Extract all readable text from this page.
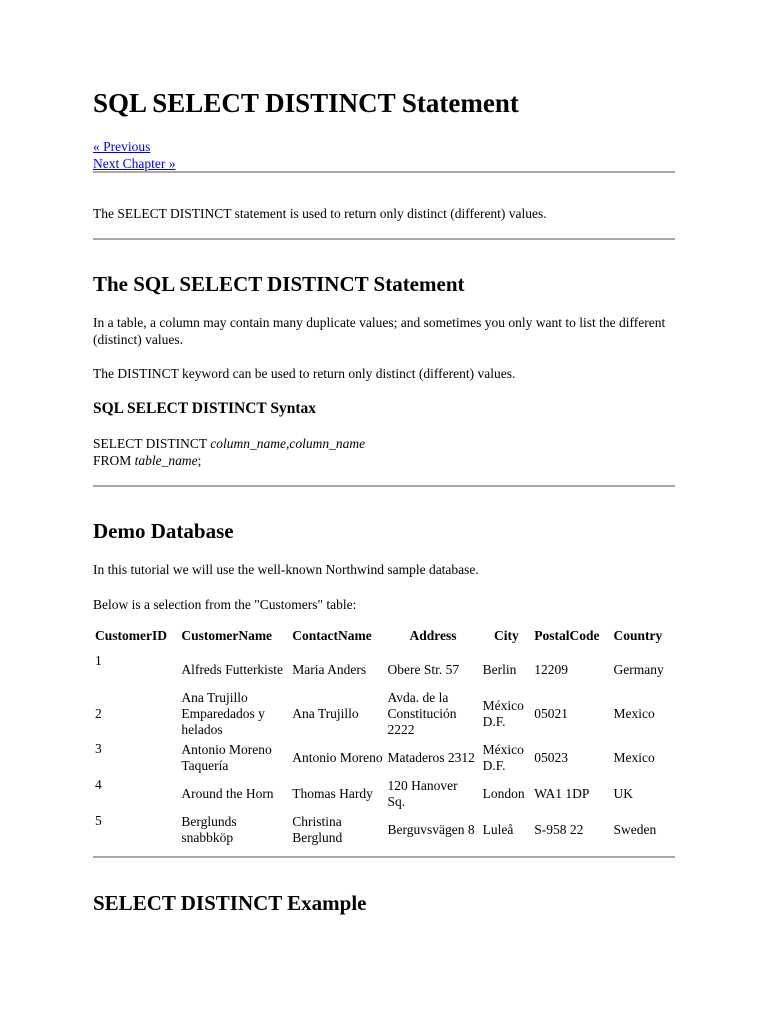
SQL SELECT DISTINCT Statement

« Previous

Next Chapter »

The SELECT DISTINCT statement is used to return only distinct (different) values.

The SQL SELECT DISTINCT Statement

In a table, a column may contain many duplicate values; and sometimes you only want to list the different (distinct) values.

The DISTINCT keyword can be used to return only distinct (different) values.

SQL SELECT DISTINCT Syntax

SELECT DISTINCT column_name,column_name

FROM table_name;

Demo Database

In this tutorial we will use the well-known Northwind sample database.

Below is a selection from the "Customers" table:

CustomerID	CustomerName	ContactName	Address	City	PostalCode	Country
1	Alfreds Futterkiste	Maria Anders	Obere Str. 57	Berlin	12209	Germany
2	Ana Trujillo Emparedados y helados	Ana Trujillo	Avda. de la Constitución 2222	México D.F.	05021	Mexico
3	Antonio Moreno Taquería	Antonio Moreno	Mataderos 2312	México D.F.	05023	Mexico
4	Around the Horn	Thomas Hardy	120 Hanover Sq.	London	WA1 1DP	UK
5	Berglunds snabbköp	Christina Berglund	Berguvsvägen 8	Luleå	S-958 22	Sweden
SELECT DISTINCT Example
